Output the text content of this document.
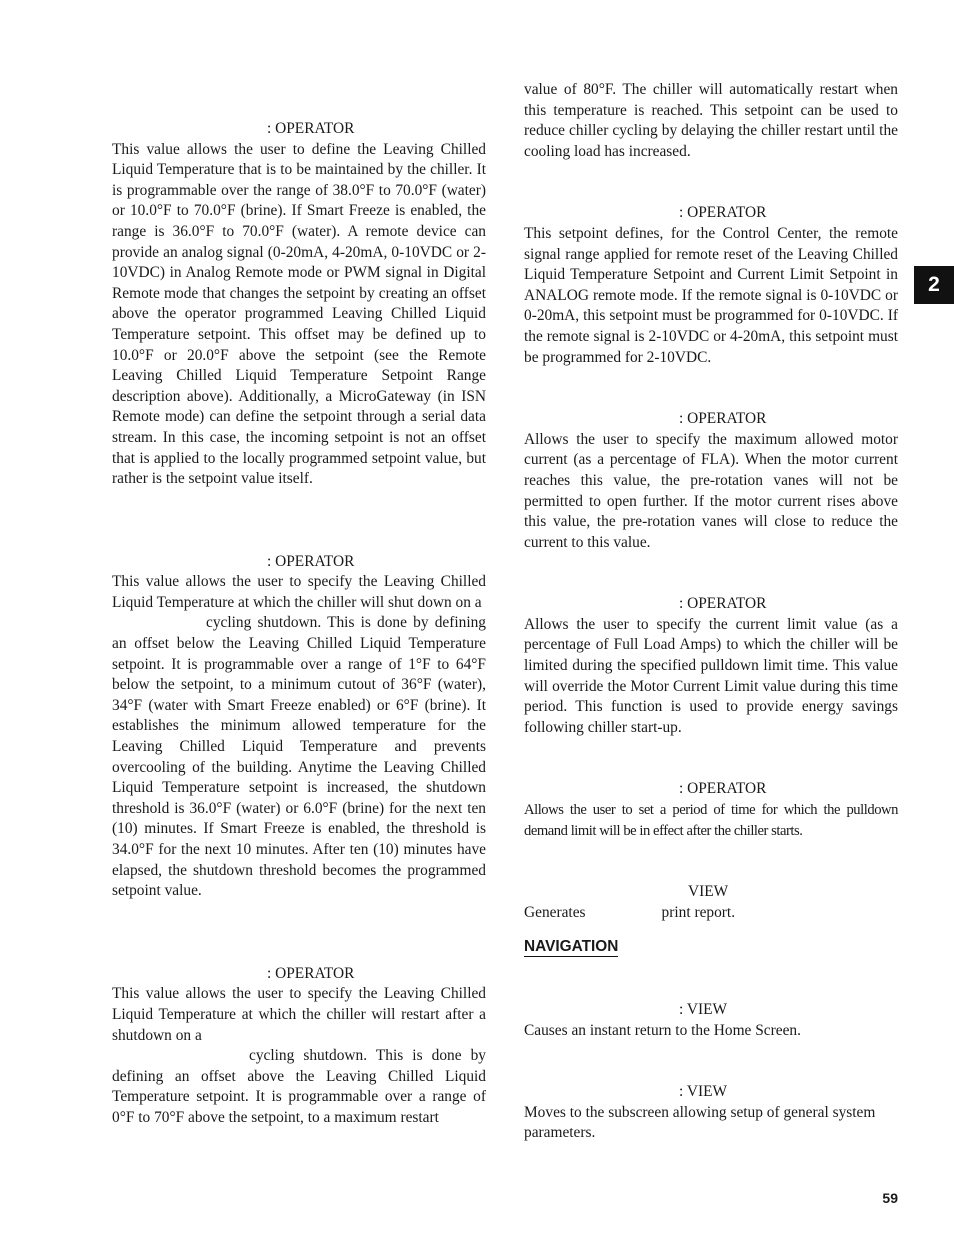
: OPERATOR

This value allows the user to define the Leaving Chilled Liquid Temperature that is to be maintained by the chiller. It is programmable over the range of 38.0°F to 70.0°F (water) or 10.0°F to 70.0°F (brine). If Smart Freeze is enabled, the range is 36.0°F to 70.0°F (water). A remote device can provide an analog signal (0-20mA, 4-20mA, 0-10VDC or 2-10VDC) in Analog Remote mode or PWM signal in Digital Remote mode that changes the setpoint by creating an offset above the operator programmed Leaving Chilled Liquid Temperature setpoint. This offset may be defined up to 10.0°F or 20.0°F above the setpoint (see the Remote Leaving Chilled Liquid Temperature Setpoint Range description above). Additionally, a MicroGateway (in ISN Remote mode) can define the setpoint through a serial data stream. In this case, the incoming setpoint is not an offset that is applied to the locally programmed setpoint value, but rather is the setpoint value itself.

: OPERATOR

This value allows the user to specify the Leaving Chilled Liquid Temperature at which the chiller will shut down on a

cycling shutdown. This is done by defining an offset below the Leaving Chilled Liquid Temperature setpoint. It is programmable over a range of 1°F to 64°F below the setpoint, to a minimum cutout of 36°F (water), 34°F (water with Smart Freeze enabled) or 6°F (brine). It establishes the minimum allowed temperature for the Leaving Chilled Liquid Temperature and prevents overcooling of the building. Anytime the Leaving Chilled Liquid Temperature setpoint is increased, the shutdown threshold is 36.0°F (water) or 6.0°F (brine) for the next ten (10) minutes. If Smart Freeze is enabled, the threshold is 34.0°F for the next 10 minutes. After ten (10) minutes have elapsed, the shutdown threshold becomes the programmed setpoint value.

: OPERATOR

This value allows the user to specify the Leaving Chilled Liquid Temperature at which the chiller will restart after a shutdown on a

cycling shutdown. This is done by defining an offset above the Leaving Chilled Liquid Temperature setpoint. It is programmable over a range of 0°F to 70°F above the setpoint, to a maximum restart

value of 80°F. The chiller will automatically restart when this temperature is reached. This setpoint can be used to reduce chiller cycling by delaying the chiller restart until the cooling load has increased.

: OPERATOR

This setpoint defines, for the Control Center, the remote signal range applied for remote reset of the Leaving Chilled Liquid Temperature Setpoint and Current Limit Setpoint in ANALOG remote mode. If the remote signal is 0-10VDC or 0-20mA, this setpoint must be programmed for 0-10VDC. If the remote signal is 2-10VDC or 4-20mA, this setpoint must be programmed for 2-10VDC.

: OPERATOR

Allows the user to specify the maximum allowed motor current (as a percentage of FLA). When the motor current reaches this value, the pre-rotation vanes will not be permitted to open further. If the motor current rises above this value, the pre-rotation vanes will close to reduce the current to this value.

: OPERATOR

Allows the user to specify the current limit value (as a percentage of Full Load Amps) to which the chiller will be limited during the specified pulldown limit time. This value will override the Motor Current Limit value during this time period. This function is used to provide energy savings following chiller start-up.

: OPERATOR

Allows the user to set a period of time for which the pulldown demand limit will be in effect after the chiller starts.

VIEW

Generates	print report.

NAVIGATION
: VIEW

Causes an instant return to the Home Screen.

: VIEW

Moves to the subscreen allowing setup of general system parameters.

2
59
